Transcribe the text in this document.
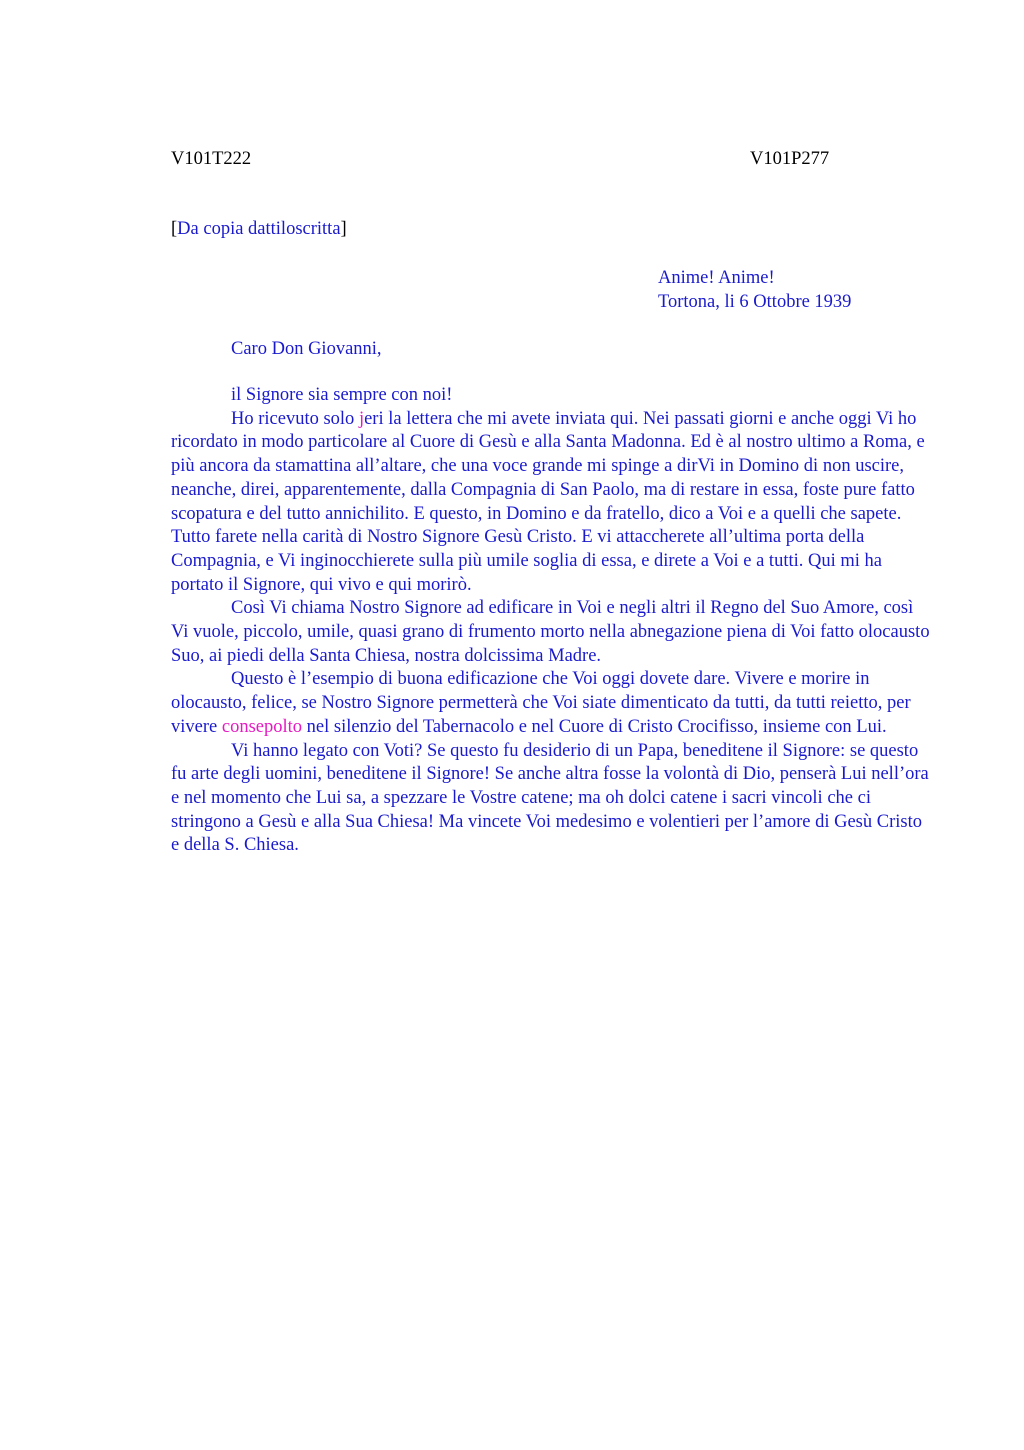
V101T222	V101P277
[Da copia dattiloscritta]
Anime! Anime!
Tortona, li 6 Ottobre 1939
Caro Don Giovanni,

il Signore sia sempre con noi!

Ho ricevuto solo jeri la lettera che mi avete inviata qui. Nei passati giorni e anche oggi Vi ho ricordato in modo particolare al Cuore di Gesù e alla Santa Madonna. Ed è al nostro ultimo a Roma, e più ancora da stamattina all’altare, che una voce grande mi spinge a dirVi in Domino di non uscire, neanche, direi, apparentemente, dalla Compagnia di San Paolo, ma di restare in essa, foste pure fatto scopatura e del tutto annichilito. E questo, in Domino e da fratello, dico a Voi e a quelli che sapete. Tutto farete nella carità di Nostro Signore Gesù Cristo. E vi attaccherete all’ultima porta della Compagnia, e Vi inginocchierete sulla più umile soglia di essa, e direte a Voi e a tutti. Qui mi ha portato il Signore, qui vivo e qui morirò.

Così Vi chiama Nostro Signore ad edificare in Voi e negli altri il Regno del Suo Amore, così Vi vuole, piccolo, umile, quasi grano di frumento morto nella abnegazione piena di Voi fatto olocausto Suo, ai piedi della Santa Chiesa, nostra dolcissima Madre.

Questo è l’esempio di buona edificazione che Voi oggi dovete dare. Vivere e morire in olocausto, felice, se Nostro Signore permetterà che Voi siate dimenticato da tutti, da tutti reietto, per vivere consepolto nel silenzio del Tabernacolo e nel Cuore di Cristo Crocifisso, insieme con Lui.

Vi hanno legato con Voti? Se questo fu desiderio di un Papa, beneditene il Signore: se questo fu arte degli uomini, beneditene il Signore! Se anche altra fosse la volontà di Dio, penserà Lui nell’ora e nel momento che Lui sa, a spezzare le Vostre catene; ma oh dolci catene i sacri vincoli che ci stringono a Gesù e alla Sua Chiesa! Ma vincete Voi medesimo e volentieri per l’amore di Gesù Cristo e della S. Chiesa.
